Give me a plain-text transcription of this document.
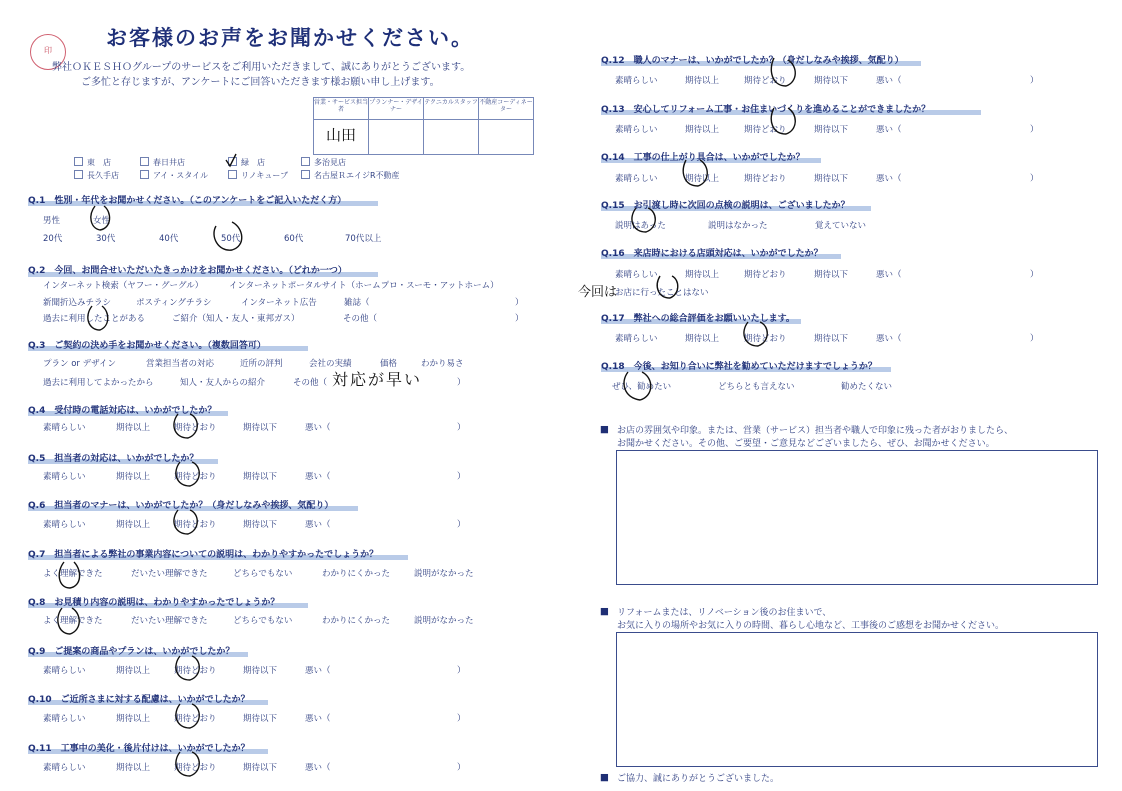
お客様のお声をお聞かせください。
印
弊社ＯＫＥＳＨＯグループのサービスをご利用いただきまして、誠にありがとうございます。
ご多忙と存じますが、アンケートにご回答いただきます様お願い申し上げます。
営業・サービス担当者	プランナー・デザイナー	テクニカルスタッフ	不動産コーディネーター
山田			
東　店	春日井店	緑　店	多治見店
長久手店	アイ・スタイル	リノキューブ	名古屋ＲエイジR不動産
Q.1　性別・年代をお聞かせください。（このアンケートをご記入いただく方）
男性	女性
20代	30代	40代	50代	60代	70代以上
Q.2　今回、お問合せいただいたきっかけをお聞かせください。（どれか一つ）
インターネット検索（ヤフー・グーグル）	インターネットポータルサイト（ホームプロ・スーモ・アットホーム）
新聞折込みチラシ	ポスティングチラシ	インターネット広告	雑誌（	）
過去に利用したことがある	ご紹介（知人・友人・東邦ガス）	その他（	）
Q.3　ご契約の決め手をお聞かせください。（複数回答可）
プラン or デザイン	営業担当者の対応	近所の評判	会社の実績	価格	わかり易さ
過去に利用してよかったから	知人・友人からの紹介	その他（	）
対応が早い
Q.4　受付時の電話対応は、いかがでしたか？
素晴らしい	期待以上	期待どおり	期待以下	悪い（	）
Q.5　担当者の対応は、いかがでしたか？
素晴らしい	期待以上	期待どおり	期待以下	悪い（	）
Q.6　担当者のマナーは、いかがでしたか？（身だしなみや挨拶、気配り）
素晴らしい	期待以上	期待どおり	期待以下	悪い（	）
Q.7　担当者による弊社の事業内容についての説明は、わかりやすかったでしょうか？
よく理解できた	だいたい理解できた	どちらでもない	わかりにくかった	説明がなかった
Q.8　お見積り内容の説明は、わかりやすかったでしょうか？
よく理解できた	だいたい理解できた	どちらでもない	わかりにくかった	説明がなかった
Q.9　ご提案の商品やプランは、いかがでしたか？
素晴らしい	期待以上	期待どおり	期待以下	悪い（	）
Q.10　ご近所さまに対する配慮は、いかがでしたか？
素晴らしい	期待以上	期待どおり	期待以下	悪い（	）
Q.11　工事中の美化・後片付けは、いかがでしたか？
素晴らしい	期待以上	期待どおり	期待以下	悪い（	）
Q.12　職人のマナーは、いかがでしたか？（身だしなみや挨拶、気配り）
素晴らしい	期待以上	期待どおり	期待以下	悪い（	）
Q.13　安心してリフォーム工事・お住まいづくりを進めることができましたか？
素晴らしい	期待以上	期待どおり	期待以下	悪い（	）
Q.14　工事の仕上がり具合は、いかがでしたか？
素晴らしい	期待以上	期待どおり	期待以下	悪い（	）
Q.15　お引渡し時に次回の点検の説明は、ございましたか？
説明はあった	説明はなかった	覚えていない
Q.16　来店時における店頭対応は、いかがでしたか？
素晴らしい	期待以上	期待どおり	期待以下	悪い（	）
お店に行ったことはない
今回は
Q.17　弊社への総合評価をお願いいたします。
素晴らしい	期待以上	期待どおり	期待以下	悪い（	）
Q.18　今後、お知り合いに弊社を勧めていただけますでしょうか？
ぜひ、勧めたい	どちらとも言えない	勧めたくない
■ お店の雰囲気や印象。または、営業（サービス）担当者や職人で印象に残った者がおりましたら、
お聞かせください。その他、ご要望・ご意見などございましたら、ぜひ、お聞かせください。
■ リフォームまたは、リノベーション後のお住まいで、
お気に入りの場所やお気に入りの時間、暮らし心地など、工事後のご感想をお聞かせください。
■ ご協力、誠にありがとうございました。
